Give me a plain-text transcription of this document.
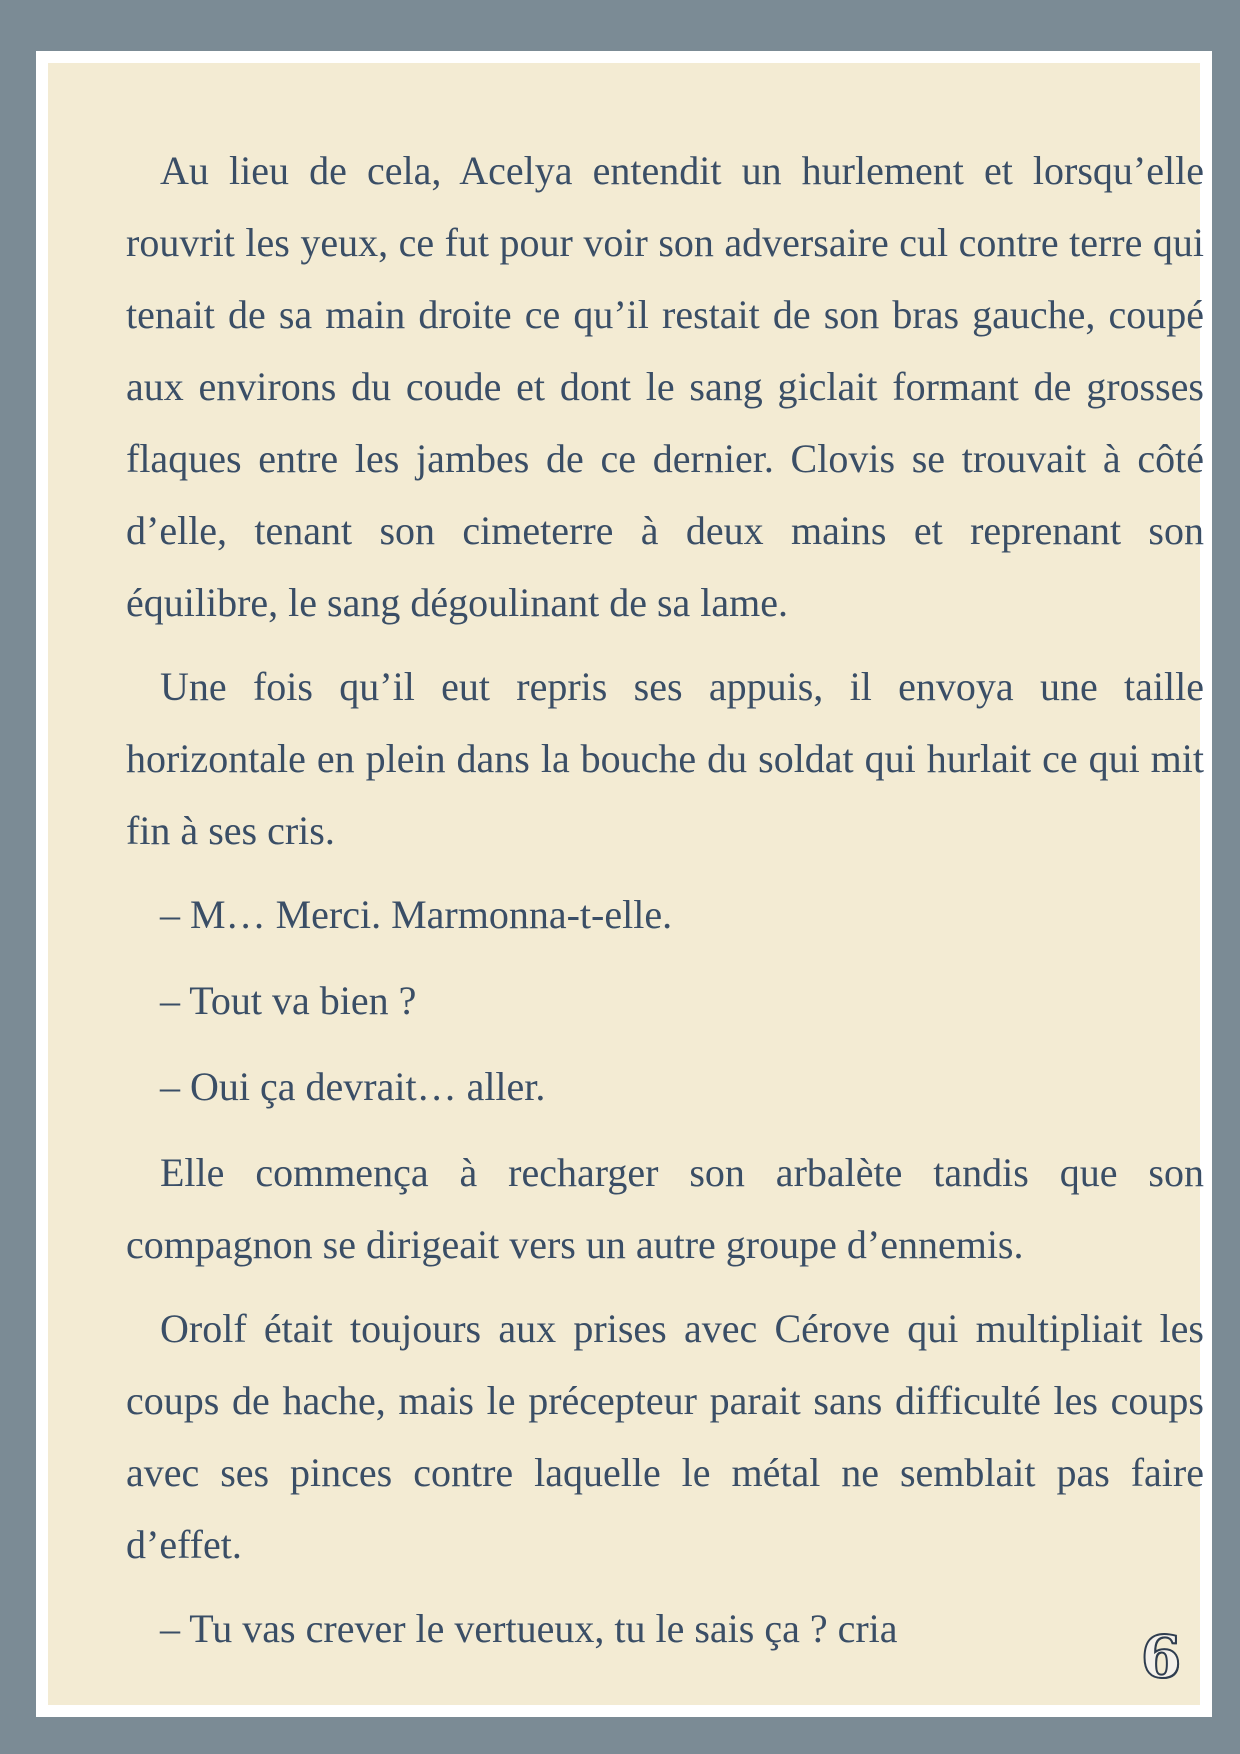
Au lieu de cela, Acelya entendit un hurlement et lorsqu’elle rouvrit les yeux, ce fut pour voir son adversaire cul contre terre qui tenait de sa main droite ce qu’il restait de son bras gauche, coupé aux environs du coude et dont le sang giclait formant de grosses flaques entre les jambes de ce dernier. Clovis se trouvait à côté d’elle, tenant son cimeterre à deux mains et reprenant son équilibre, le sang dégoulinant de sa lame.

Une fois qu’il eut repris ses appuis, il envoya une taille horizontale en plein dans la bouche du soldat qui hurlait ce qui mit fin à ses cris.

– M… Merci. Marmonna-t-elle.

– Tout va bien ?

– Oui ça devrait… aller.

Elle commença à recharger son arbalète tandis que son compagnon se dirigeait vers un autre groupe d’ennemis.

Orolf était toujours aux prises avec Cérove qui multipliait les coups de hache, mais le précepteur parait sans difficulté les coups avec ses pinces contre laquelle le métal ne semblait pas faire d’effet.

– Tu vas crever le vertueux, tu le sais ça ? cria	6
